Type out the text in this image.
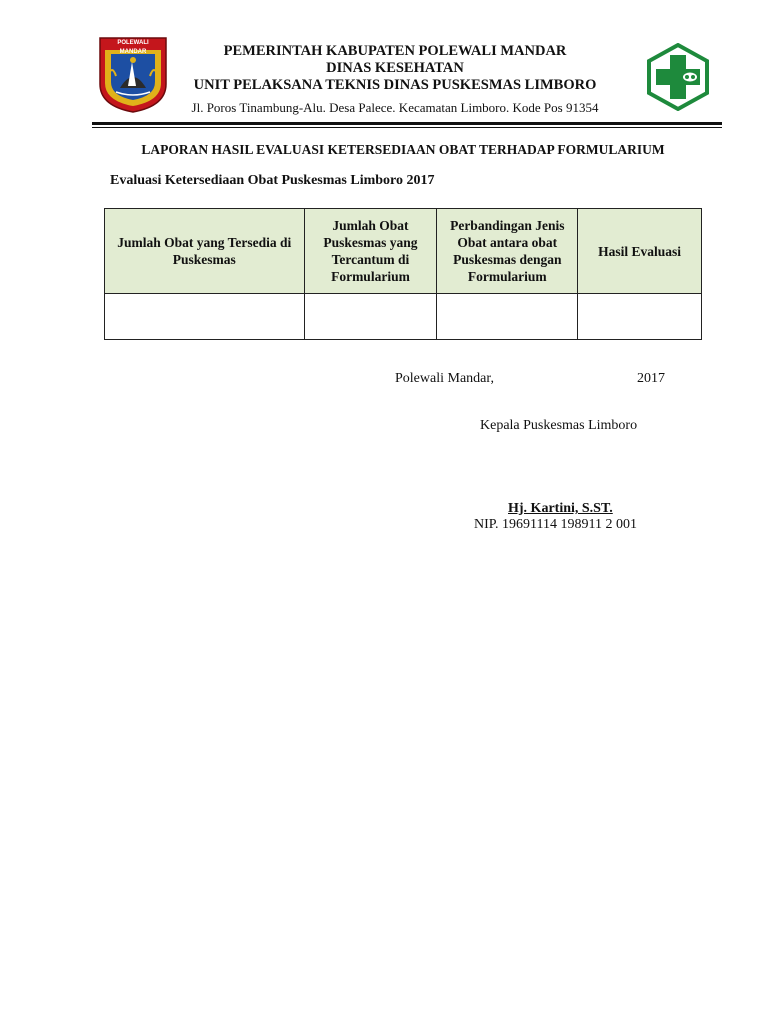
POLEWALI MANDAR	PEMERINTAH KABUPATEN POLEWALI MANDAR
DINAS KESEHATAN
UNIT PELAKSANA TEKNIS DINAS PUSKESMAS LIMBORO
Jl. Poros Tinambung-Alu. Desa Palece. Kecamatan Limboro. Kode Pos 91354
LAPORAN HASIL EVALUASI KETERSEDIAAN OBAT TERHADAP FORMULARIUM
Evaluasi Ketersediaan Obat Puskesmas Limboro 2017
Jumlah Obat yang Tersedia di Puskesmas	Jumlah Obat Puskesmas yang Tercantum di Formularium	Perbandingan Jenis Obat antara obat Puskesmas dengan Formularium	Hasil Evaluasi

Polewali Mandar,	2017
Kepala Puskesmas Limboro
Hj. Kartini, S.ST.
NIP. 19691114 198911 2 001
